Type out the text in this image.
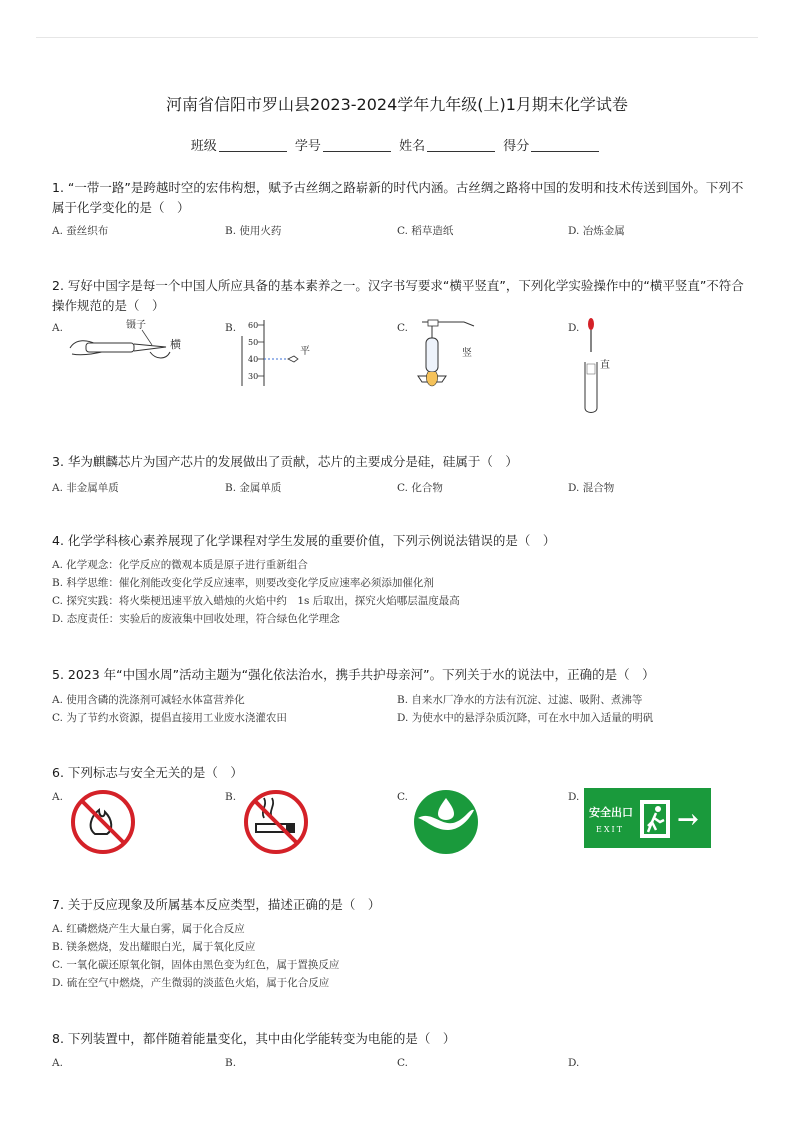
河南省信阳市罗山县2023-2024学年九年级(上)1月期末化学试卷
班级	学号	姓名	得分
1. “一带一路”是跨越时空的宏伟构想，赋予古丝绸之路崭新的时代内涵。古丝绸之路将中国的发明和技术传送到国外。下列不属于化学变化的是（　）
A. 蚕丝织布	B. 使用火药	C. 稻草造纸	D. 冶炼金属
2. 写好中国字是每一个中国人所应具备的基本素养之一。汉字书写要求“横平竖直”，下列化学实验操作中的“横平竖直”不符合操作规范的是（　）
A.	B.	C.	D.
镊子
横
60
50
40
30
平	竖
直
3. 华为麒麟芯片为国产芯片的发展做出了贡献，芯片的主要成分是硅，硅属于（　）
A. 非金属单质	B. 金属单质	C. 化合物	D. 混合物
4. 化学学科核心素养展现了化学课程对学生发展的重要价值，下列示例说法错误的是（　）
A. 化学观念：化学反应的微观本质是原子进行重新组合
B. 科学思维：催化剂能改变化学反应速率，则要改变化学反应速率必须添加催化剂
C. 探究实践：将火柴梗迅速平放入蜡烛的火焰中约　1s 后取出，探究火焰哪层温度最高
D. 态度责任：实验后的废液集中回收处理，符合绿色化学理念
5. 2023 年“中国水周”活动主题为“强化依法治水，携手共护母亲河”。下列关于水的说法中，正确的是（　）
A. 使用含磷的洗涤剂可减轻水体富营养化	B. 自来水厂净水的方法有沉淀、过滤、吸附、煮沸等
C. 为了节约水资源，提倡直接用工业废水浇灌农田	D. 为使水中的悬浮杂质沉降，可在水中加入适量的明矾
6. 下列标志与安全无关的是（　）
A.	B.	C.	D.
安全出口
EXIT →
7. 关于反应现象及所属基本反应类型，描述正确的是（　）
A. 红磷燃烧产生大量白雾，属于化合反应
B. 镁条燃烧，发出耀眼白光，属于氧化反应
C. 一氧化碳还原氧化铜，固体由黑色变为红色，属于置换反应
D. 硫在空气中燃烧，产生微弱的淡蓝色火焰，属于化合反应
8. 下列装置中，都伴随着能量变化，其中由化学能转变为电能的是（　）
A.	B.	C.	D.
